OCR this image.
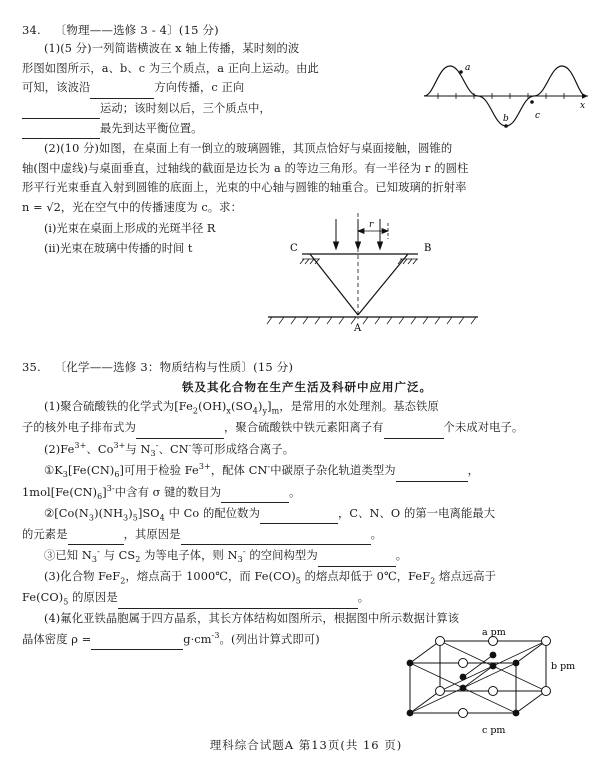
34. 〔物理——选修 3 - 4〕(15 分)
a
b	c
x
(1)(5 分)一列简谐横波在 x 轴上传播，某时刻的波
形图如图所示，a、b、c 为三个质点，a 正向上运动。由此
可知，该波沿	方向传播，c 正向
运动；该时刻以后，三个质点中，
最先到达平衡位置。
(2)(10 分)如图，在桌面上有一倒立的玻璃圆锥，其顶点恰好与桌面接触，圆锥的
轴(图中虚线)与桌面垂直，过轴线的截面是边长为 a 的等边三角形。有一半径为 r 的圆柱
形平行光束垂直入射到圆锥的底面上，光束的中心轴与圆锥的轴重合。已知玻璃的折射率
n = √2，光在空气中的传播速度为 c。求：
(ⅰ)光束在桌面上形成的光斑半径 R
(ⅱ)光束在玻璃中传播的时间 t
r
C	B
A
35. 〔化学——选修 3：物质结构与性质〕(15 分)
铁及其化合物在生产生活及科研中应用广泛。
(1)聚合硫酸铁的化学式为$[Fe_2(OH)_x(SO_4)_y]_m$，是常用的水处理剂。基态铁原
子的核外电子排布式为	，聚合硫酸铁中铁元素阳离子有	个未成对电子。
$(2)Fe^{3+}$、$Co^{3+}$与 $N_3^-$、CN-等可形成络合离子。
$①K_3[Fe(CN)_6]$可用于检验 $Fe^{3+}$，配体 CN-中碳原子杂化轨道类型为	，
$1mol[Fe(CN)_6]^{3-}$中含有 σ 键的数目为	。
$②[Co(N_3)(NH_3)_5]SO_4$ 中 Co 的配位数为	，C、N、O 的第一电离能最大
的元素是	，其原因是	。
③已知 $N_3^-$ 与 $CS_2$ 为等电子体，则 $N_3^-$ 的空间构型为	。
(3)化合物 FeF$_2$，熔点高于 1000℃，而 $Fe(CO)_5$ 的熔点却低于 0℃，FeF$_2$ 熔点远高于
$Fe(CO)_5$ 的原因是	。
(4)氟化亚铁晶胞属于四方晶系，其长方体结构如图所示，根据图中所示数据计算该
晶体密度 ρ =	$g\cdot cm^{-3}$。(列出计算式即可)
a pm
b pm
c pm
理科综合试题A 第13页(共 16 页)
